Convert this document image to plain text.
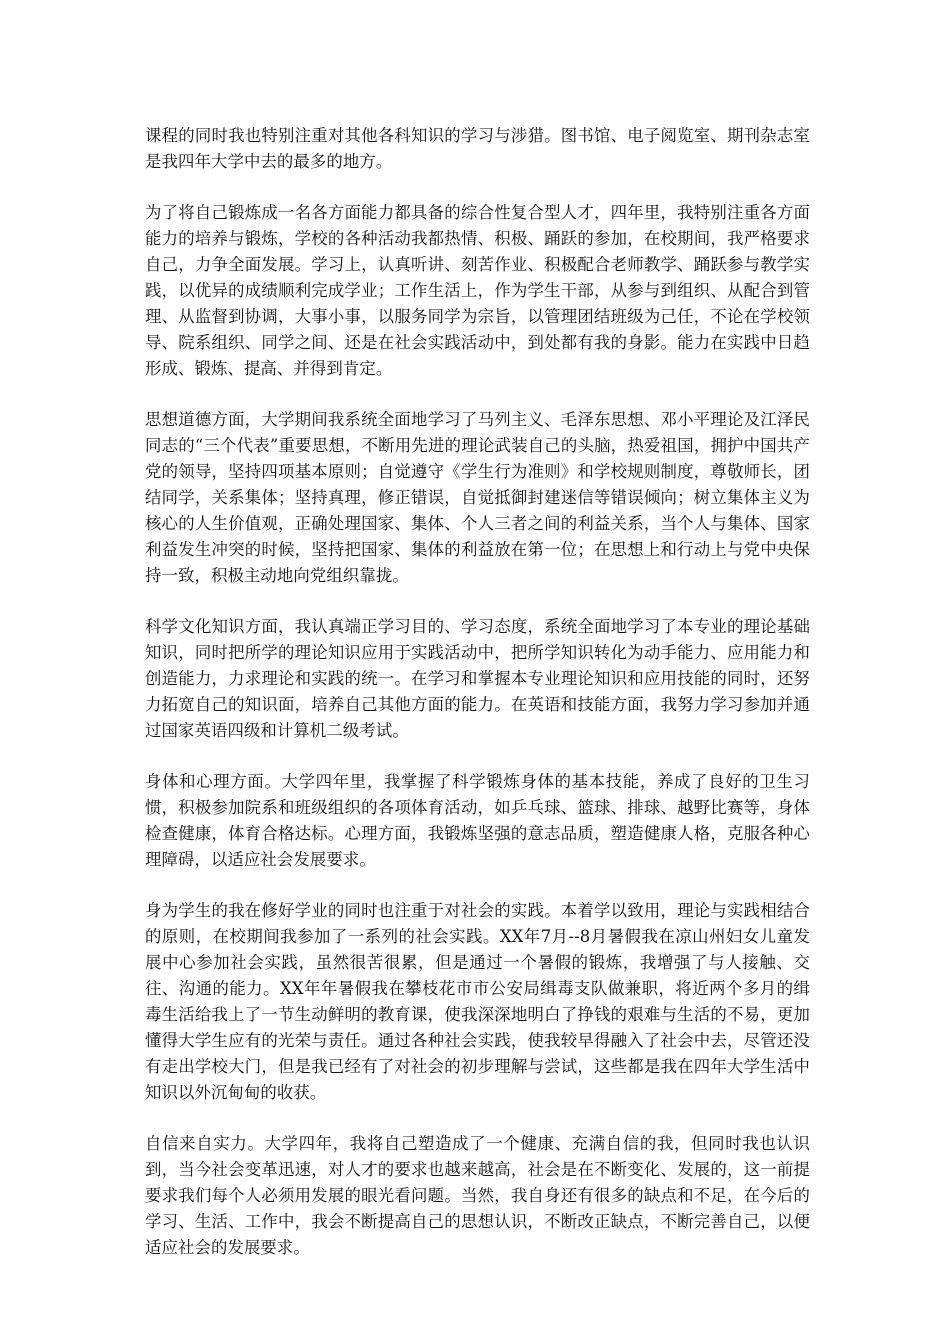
课程的同时我也特别注重对其他各科知识的学习与涉猎。图书馆、电子阅览室、期刊杂志室是我四年大学中去的最多的地方。

为了将自己锻炼成一名各方面能力都具备的综合性复合型人才，四年里，我特别注重各方面能力的培养与锻炼，学校的各种活动我都热情、积极、踊跃的参加，在校期间，我严格要求自己，力争全面发展。学习上，认真听讲、刻苦作业、积极配合老师教学、踊跃参与教学实践，以优异的成绩顺利完成学业；工作生活上，作为学生干部，从参与到组织、从配合到管理、从监督到协调，大事小事，以服务同学为宗旨，以管理团结班级为己任，不论在学校领导、院系组织、同学之间、还是在社会实践活动中，到处都有我的身影。能力在实践中日趋形成、锻炼、提高、并得到肯定。

思想道德方面，大学期间我系统全面地学习了马列主义、毛泽东思想、邓小平理论及江泽民同志的“三个代表”重要思想，不断用先进的理论武装自己的头脑，热爱祖国，拥护中国共产党的领导，坚持四项基本原则；自觉遵守《学生行为准则》和学校规则制度，尊敬师长，团结同学，关系集体；坚持真理，修正错误，自觉抵御封建迷信等错误倾向；树立集体主义为核心的人生价值观，正确处理国家、集体、个人三者之间的利益关系，当个人与集体、国家利益发生冲突的时候，坚持把国家、集体的利益放在第一位；在思想上和行动上与党中央保持一致，积极主动地向党组织靠拢。

科学文化知识方面，我认真端正学习目的、学习态度，系统全面地学习了本专业的理论基础知识，同时把所学的理论知识应用于实践活动中，把所学知识转化为动手能力、应用能力和创造能力，力求理论和实践的统一。在学习和掌握本专业理论知识和应用技能的同时，还努力拓宽自己的知识面，培养自己其他方面的能力。在英语和技能方面，我努力学习参加并通过国家英语四级和计算机二级考试。

身体和心理方面。大学四年里，我掌握了科学锻炼身体的基本技能，养成了良好的卫生习惯，积极参加院系和班级组织的各项体育活动，如乒乓球、篮球、排球、越野比赛等，身体检查健康，体育合格达标。心理方面，我锻炼坚强的意志品质，塑造健康人格，克服各种心理障碍，以适应社会发展要求。

身为学生的我在修好学业的同时也注重于对社会的实践。本着学以致用，理论与实践相结合的原则，在校期间我参加了一系列的社会实践。XX年7月--8月暑假我在凉山州妇女儿童发展中心参加社会实践，虽然很苦很累，但是通过一个暑假的锻炼，我增强了与人接触、交往、沟通的能力。XX年年暑假我在攀枝花市市公安局缉毒支队做兼职，将近两个多月的缉毒生活给我上了一节生动鲜明的教育课，使我深深地明白了挣钱的艰难与生活的不易，更加懂得大学生应有的光荣与责任。通过各种社会实践，使我较早得融入了社会中去，尽管还没有走出学校大门，但是我已经有了对社会的初步理解与尝试，这些都是我在四年大学生活中知识以外沉甸甸的收获。

自信来自实力。大学四年，我将自己塑造成了一个健康、充满自信的我，但同时我也认识到，当今社会变革迅速，对人才的要求也越来越高，社会是在不断变化、发展的，这一前提要求我们每个人必须用发展的眼光看问题。当然，我自身还有很多的缺点和不足，在今后的学习、生活、工作中，我会不断提高自己的思想认识，不断改正缺点，不断完善自己，以便适应社会的发展要求。
